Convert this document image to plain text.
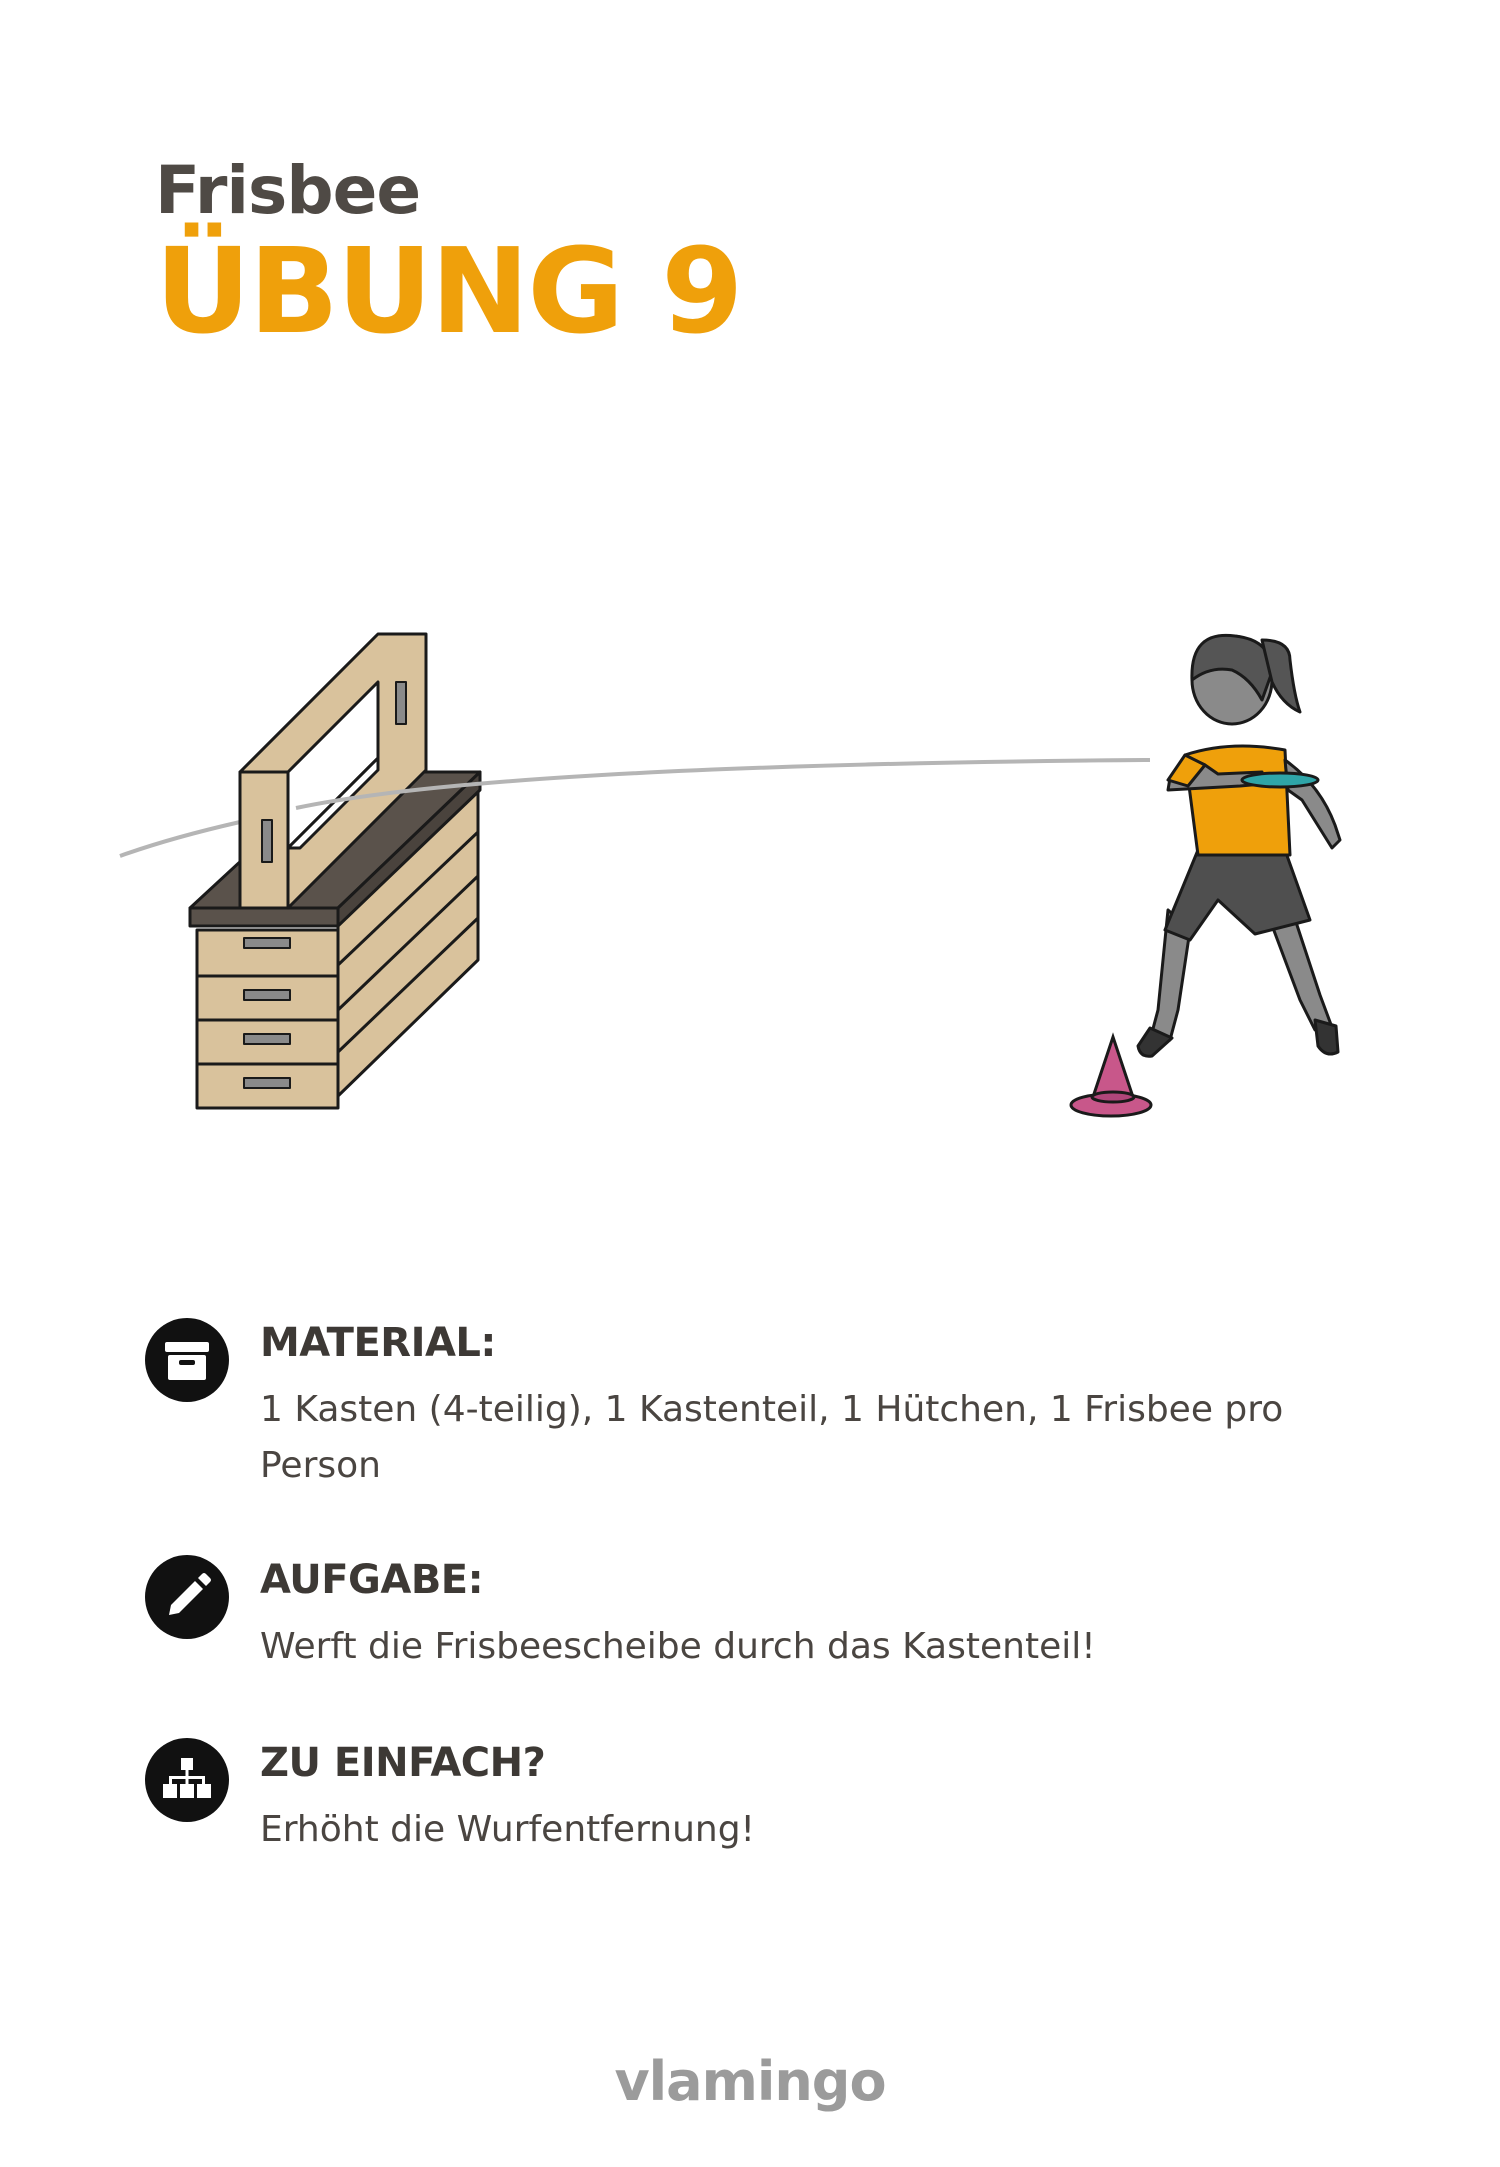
Frisbee
ÜBUNG 9
MATERIAL:
1 Kasten (4-teilig), 1 Kastenteil, 1 Hütchen, 1 Frisbee pro Person
AUFGABE:
Werft die Frisbeescheibe durch das Kastenteil!
ZU EINFACH?
Erhöht die Wurfentfernung!
vlamingo
